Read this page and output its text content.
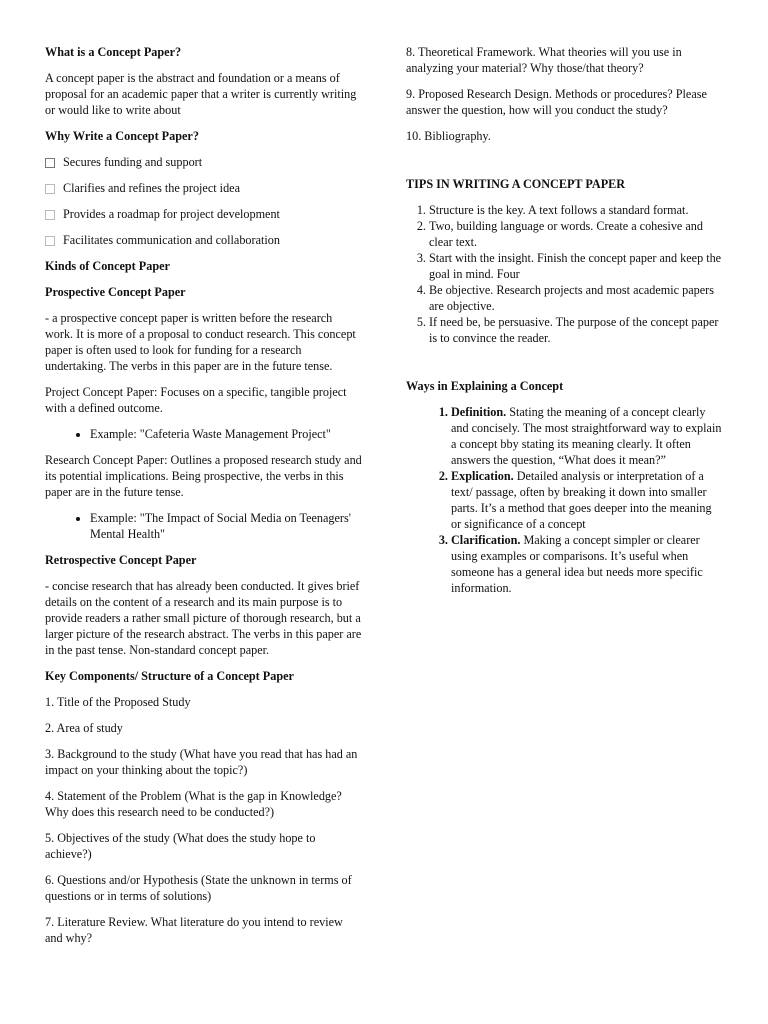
What is a Concept Paper?

A concept paper is the abstract and foundation or a means of proposal for an academic paper that a writer is currently writing or would like to write about

Why Write a Concept Paper?
Secures funding and support
Clarifies and refines the project idea
Provides a roadmap for project development
Facilitates communication and collaboration
Kinds of Concept Paper
Prospective Concept Paper

- a prospective concept paper is written before the research work. It is more of a proposal to conduct research. This concept paper is often used to look for funding for a research undertaking. The verbs in this paper are in the future tense.

Project Concept Paper: Focuses on a specific, tangible project with a defined outcome.

• Example: "Cafeteria Waste Management Project"

Research Concept Paper: Outlines a proposed research study and its potential implications. Being prospective, the verbs in this paper are in the future tense.

• Example: "The Impact of Social Media on Teenagers' Mental Health"
Retrospective Concept Paper

- concise research that has already been conducted. It gives brief details on the content of a research and its main purpose is to provide readers a rather small picture of thorough research, but a larger picture of the research abstract. The verbs in this paper are in the past tense. Non-standard concept paper.

Key Components/ Structure of a Concept Paper

1. Title of the Proposed Study

2. Area of study

3. Background to the study (What have you read that has had an impact on your thinking about the topic?)

4. Statement of the Problem (What is the gap in Knowledge? Why does this research need to be conducted?)

5. Objectives of the study (What does the study hope to achieve?)

6. Questions and/or Hypothesis (State the unknown in terms of questions or in terms of solutions)

7. Literature Review. What literature do you intend to review and why?

8. Theoretical Framework. What theories will you use in analyzing your material? Why those/that theory?

9. Proposed Research Design. Methods or procedures? Please answer the question, how will you conduct the study?

10. Bibliography.

TIPS IN WRITING A CONCEPT PAPER
1. Structure is the key. A text follows a standard format.
2. Two, building language or words. Create a cohesive and clear text.
3. Start with the insight. Finish the concept paper and keep the goal in mind. Four
4. Be objective. Research projects and most academic papers are objective.
5. If need be, be persuasive. The purpose of the concept paper is to convince the reader.
Ways in Explaining a Concept
1. Definition. Stating the meaning of a concept clearly and concisely. The most straightforward way to explain a concept bby stating its meaning clearly. It often answers the question, “What does it mean?”
2. Explication. Detailed analysis or interpretation of a text/ passage, often by breaking it down into smaller parts. It’s a method that goes deeper into the meaning or significance of a concept
3. Clarification. Making a concept simpler or clearer using examples or comparisons. It’s useful when someone has a general idea but needs more specific information.
